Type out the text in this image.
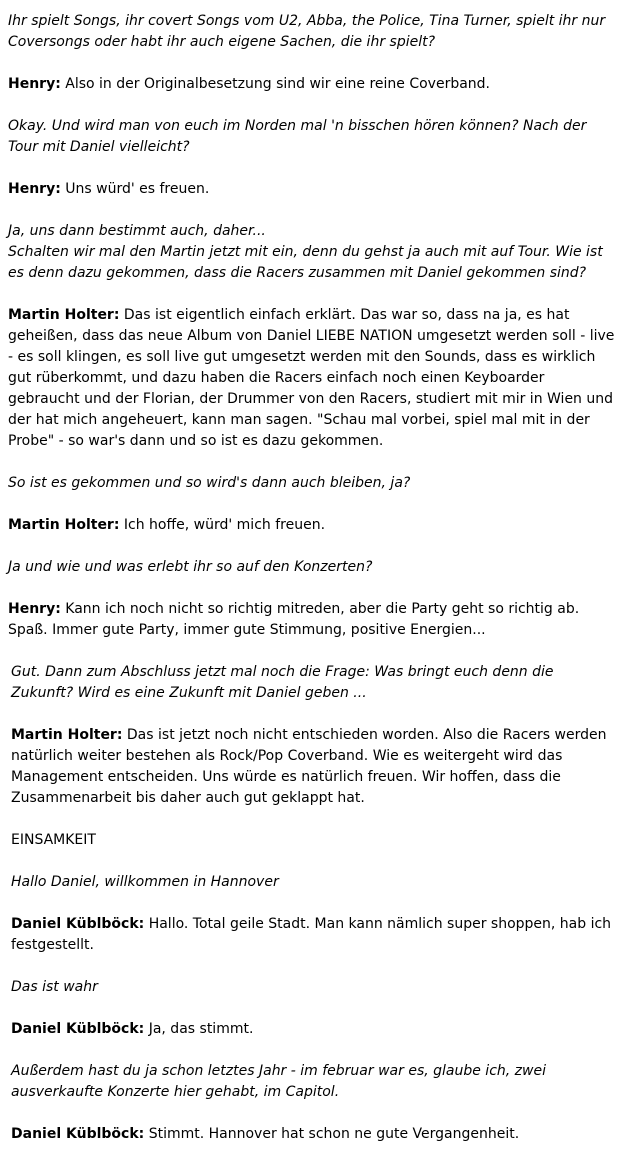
Ihr spielt Songs, ihr covert Songs vom U2, Abba, the Police, Tina Turner, spielt ihr nur Coversongs oder habt ihr auch eigene Sachen, die ihr spielt?
Henry: Also in der Originalbesetzung sind wir eine reine Coverband.
Okay. Und wird man von euch im Norden mal 'n bisschen hören können? Nach der Tour mit Daniel vielleicht?
Henry: Uns würd' es freuen.
Ja, uns dann bestimmt auch, daher...
Schalten wir mal den Martin jetzt mit ein, denn du gehst ja auch mit auf Tour. Wie ist es denn dazu gekommen, dass die Racers zusammen mit Daniel gekommen sind?
Martin Holter: Das ist eigentlich einfach erklärt. Das war so, dass na ja, es hat geheißen, dass das neue Album von Daniel LIEBE NATION umgesetzt werden soll - live - es soll klingen, es soll live gut umgesetzt werden mit den Sounds, dass es wirklich gut rüberkommt, und dazu haben die Racers einfach noch einen Keyboarder gebraucht und der Florian, der Drummer von den Racers, studiert mit mir in Wien und der hat mich angeheuert, kann man sagen. "Schau mal vorbei, spiel mal mit in der Probe" - so war's dann und so ist es dazu gekommen.
So ist es gekommen und so wird's dann auch bleiben, ja?
Martin Holter: Ich hoffe, würd' mich freuen.
Ja und wie und was erlebt ihr so auf den Konzerten?
Henry: Kann ich noch nicht so richtig mitreden, aber die Party geht so richtig ab. Spaß. Immer gute Party, immer gute Stimmung, positive Energien...
Gut. Dann zum Abschluss jetzt mal noch die Frage: Was bringt euch denn die Zukunft? Wird es eine Zukunft mit Daniel geben ...
Martin Holter: Das ist jetzt noch nicht entschieden worden. Also die Racers werden natürlich weiter bestehen als Rock/Pop Coverband. Wie es weitergeht wird das Management entscheiden. Uns würde es natürlich freuen. Wir hoffen, dass die Zusammenarbeit bis daher auch gut geklappt hat.
EINSAMKEIT
Hallo Daniel, willkommen in Hannover
Daniel Küblböck: Hallo. Total geile Stadt. Man kann nämlich super shoppen, hab ich festgestellt.
Das ist wahr
Daniel Küblböck: Ja, das stimmt.
Außerdem hast du ja schon letztes Jahr - im februar war es, glaube ich, zwei ausverkaufte Konzerte hier gehabt, im Capitol.
Daniel Küblböck: Stimmt. Hannover hat schon ne gute Vergangenheit.
